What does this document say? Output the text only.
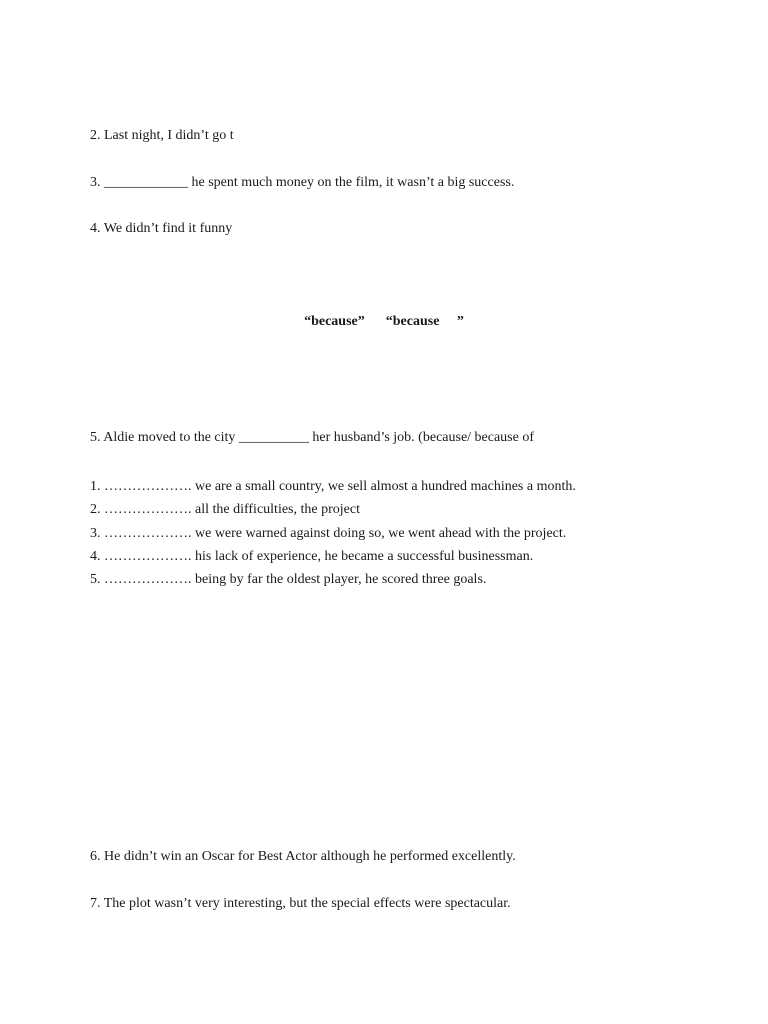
2. Last night, I didn’t go t

3. ____________ he spent much money on the film, it wasn’t a big success.

4. We didn’t find it funny

“because”      “because     ”

5. Aldie moved to the city __________ her husband’s job. (because/ because of

1. ………………. we are a small country, we sell almost a hundred machines a month.
2. ………………. all the difficulties, the project
3. ………………. we were warned against doing so, we went ahead with the project.
4. ………………. his lack of experience, he became a successful businessman.
5. ………………. being by far the oldest player, he scored three goals.

6. He didn’t win an Oscar for Best Actor although he performed excellently.

7. The plot wasn’t very interesting, but the special effects were spectacular.
